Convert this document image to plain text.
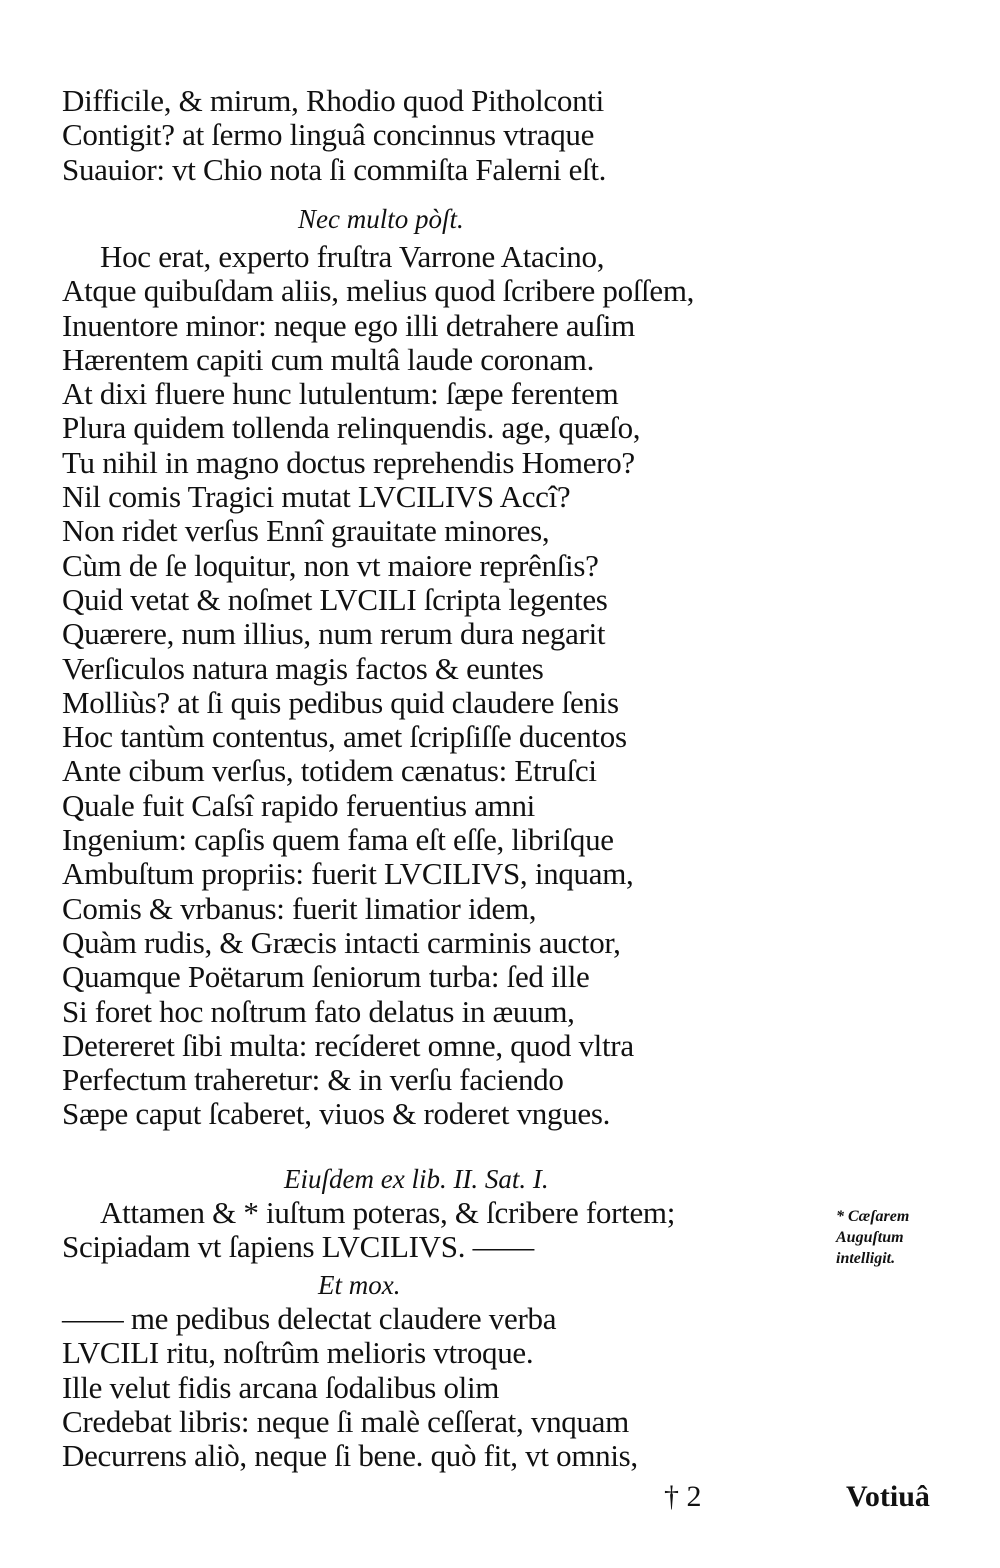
Difficile, & mirum, Rhodio quod Pitholconti
Contigit? at ſermo linguâ concinnus vtraque
Suauior: vt Chio nota ſi commiſta Falerni eſt.
Nec multo pòſt.
Hoc erat, experto fruſtra Varrone Atacino,
Atque quibuſdam aliis, melius quod ſcribere poſſem,
Inuentore minor: neque ego illi detrahere auſim
Hærentem capiti cum multâ laude coronam.
At dixi fluere hunc lutulentum: ſæpe ferentem
Plura quidem tollenda relinquendis. age, quæſo,
Tu nihil in magno doctus reprehendis Homero?
Nil comis Tragici mutat LVCILIVS Accî?
Non ridet verſus Ennî grauitate minores,
Cùm de ſe loquitur, non vt maiore reprênſis?
Quid vetat & noſmet LVCILI ſcripta legentes
Quærere, num illius, num rerum dura negarit
Verſiculos natura magis factos & euntes
Molliùs? at ſi quis pedibus quid claudere ſenis
Hoc tantùm contentus, amet ſcripſiſſe ducentos
Ante cibum verſus, totidem cænatus: Etruſci
Quale fuit Caſsî rapido feruentius amni
Ingenium: capſis quem fama eſt eſſe, libriſque
Ambuſtum propriis: fuerit LVCILIVS, inquam,
Comis & vrbanus: fuerit limatior idem,
Quàm rudis, & Græcis intacti carminis auctor,
Quamque Poëtarum ſeniorum turba: ſed ille
Si foret hoc noſtrum fato delatus in æuum,
Detereret ſibi multa: recíderet omne, quod vltra
Perfectum traheretur: & in verſu faciendo
Sæpe caput ſcaberet, viuos & roderet vngues.
Eiuſdem ex lib. II. Sat. I.
Attamen & * iuſtum poteras, & ſcribere fortem;
Scipiadam vt ſapiens LVCILIVS. ——
Et mox.
—— me pedibus delectat claudere verba
LVCILI ritu, noſtrûm melioris vtroque.
Ille velut fidis arcana ſodalibus olim
Credebat libris: neque ſi malè ceſſerat, vnquam
Decurrens aliò, neque ſi bene. quò fit, vt omnis,
* Cæſarem
Auguſtum
intelligit.
† 2	Votiuâ
